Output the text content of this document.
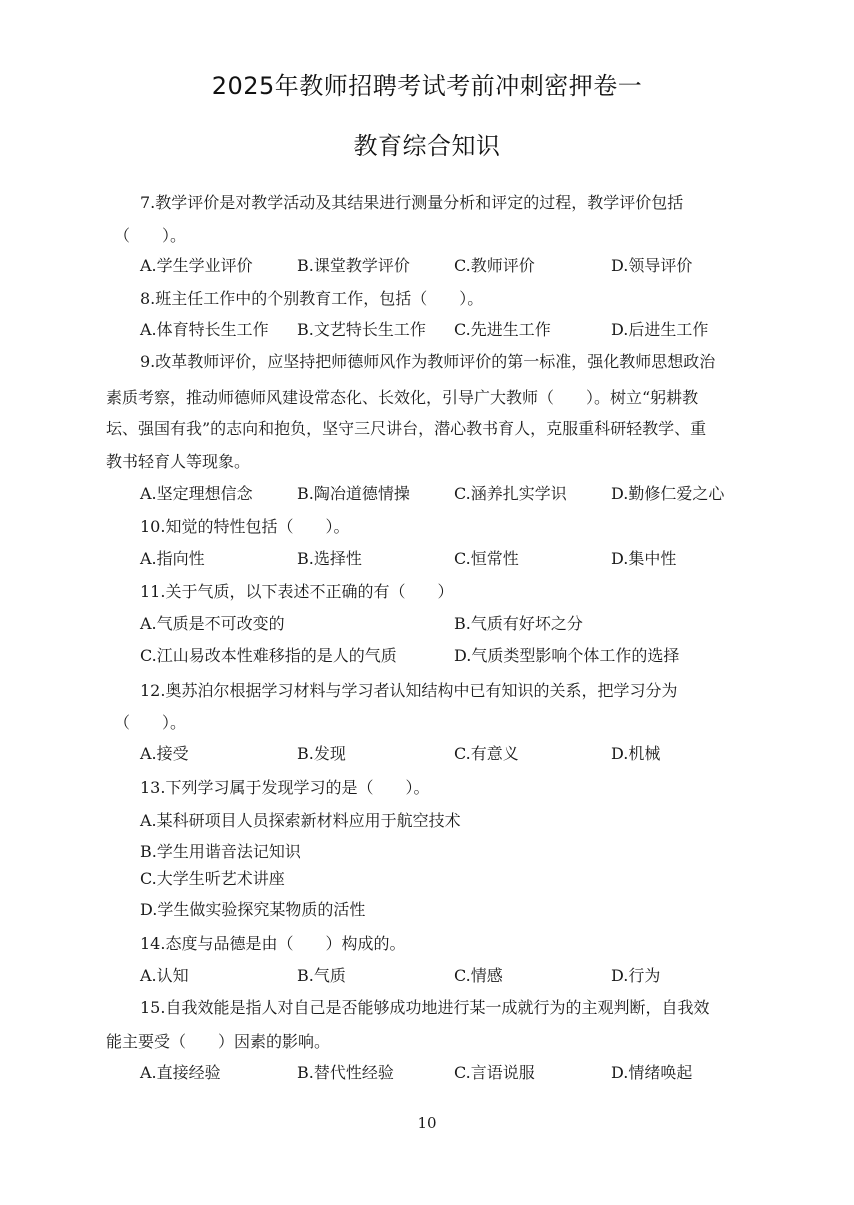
2025年教师招聘考试考前冲刺密押卷一
教育综合知识
7.教学评价是对教学活动及其结果进行测量分析和评定的过程，教学评价包括
（　　）。
A.学生学业评价	B.课堂教学评价	C.教师评价	D.领导评价
8.班主任工作中的个别教育工作，包括（　　）。
A.体育特长生工作 B.文艺特长生工作 C.先进生工作	D.后进生工作
9.改革教师评价，应坚持把师德师风作为教师评价的第一标准，强化教师思想政治
素质考察，推动师德师风建设常态化、长效化，引导广大教师（　　）。树立“躬耕教
坛、强国有我”的志向和抱负，坚守三尺讲台，潜心教书育人，克服重科研轻教学、重
教书轻育人等现象。
A.坚定理想信念	B.陶冶道德情操	C.涵养扎实学识	D.勤修仁爱之心
10.知觉的特性包括（　　）。
A.指向性	B.选择性	C.恒常性	D.集中性
11.关于气质，以下表述不正确的有（　　）
A.气质是不可改变的	B.气质有好坏之分
C.江山易改本性难移指的是人的气质	D.气质类型影响个体工作的选择
12.奥苏泊尔根据学习材料与学习者认知结构中已有知识的关系，把学习分为
（　　）。
A.接受	B.发现	C.有意义	D.机械
13.下列学习属于发现学习的是（　　）。
A.某科研项目人员探索新材料应用于航空技术
B.学生用谐音法记知识
C.大学生听艺术讲座
D.学生做实验探究某物质的活性
14.态度与品德是由（　　）构成的。
A.认知	B.气质	C.情感	D.行为
15.自我效能是指人对自己是否能够成功地进行某一成就行为的主观判断，自我效
能主要受（　　）因素的影响。
A.直接经验	B.替代性经验	C.言语说服	D.情绪唤起
10
